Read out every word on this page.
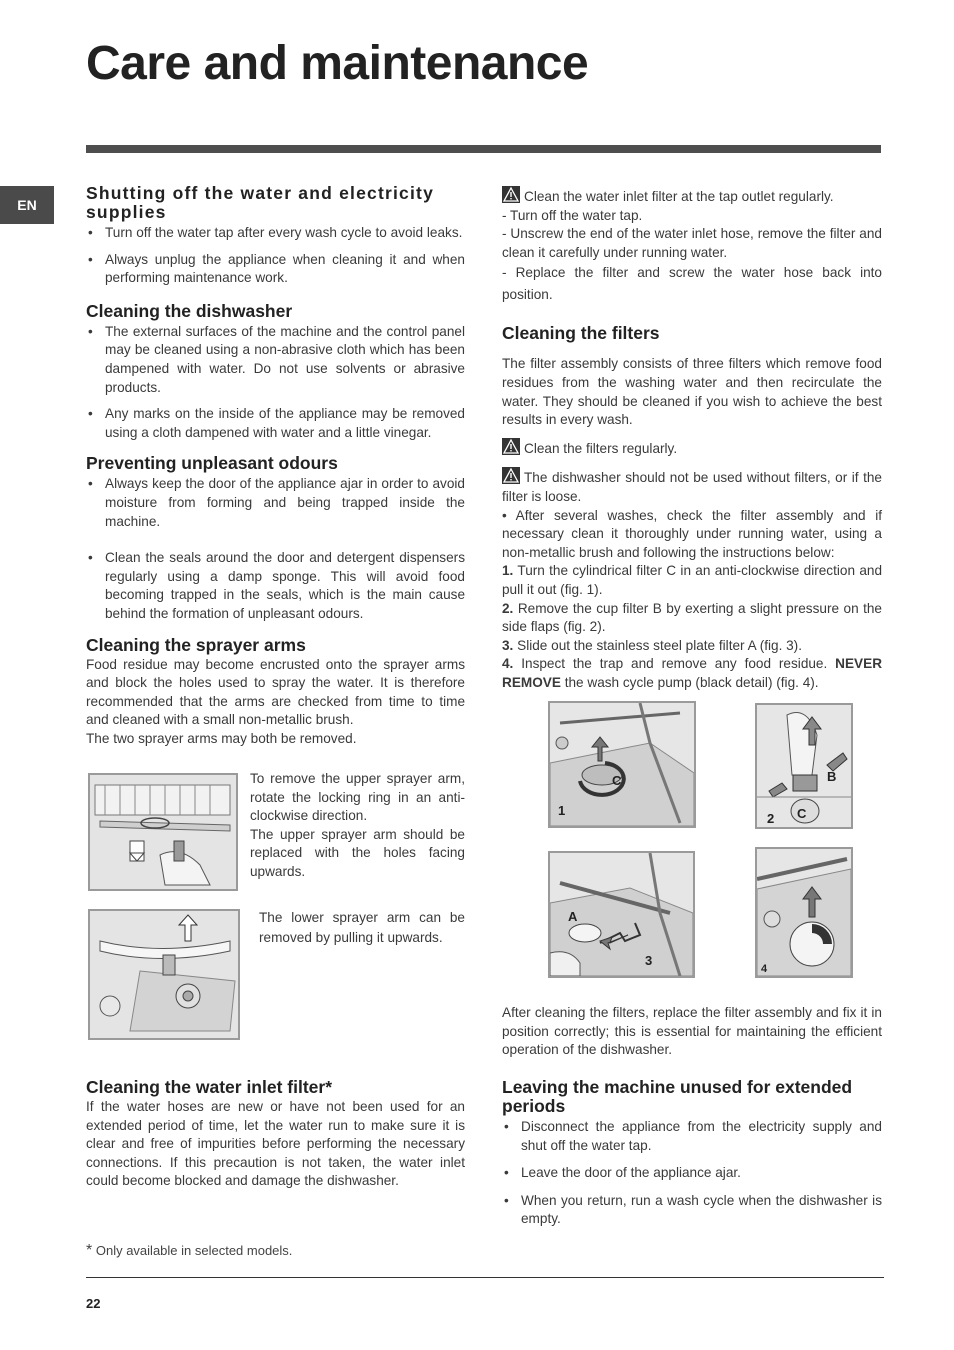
Care and maintenance
EN
Shutting off the water and electricity supplies
• Turn off the water tap after every wash cycle to avoid leaks.
• Always unplug the appliance when cleaning it and when performing maintenance work.
Cleaning the dishwasher
• The external surfaces of the machine and the control panel may be cleaned using a non-abrasive cloth which has been dampened with water. Do not use solvents or abrasive products.
• Any marks on the inside of the appliance may be removed using a cloth dampened with water and a little vinegar.
Preventing unpleasant odours
• Always keep the door of the appliance ajar in order to avoid moisture from forming and being trapped inside the machine.
• Clean the seals around the door and detergent dispensers regularly using a damp sponge. This will avoid food becoming trapped in the seals, which is the main cause behind the formation of unpleasant odours.
Cleaning the sprayer arms

Food residue may become encrusted onto the sprayer arms and block the holes used to spray the water. It is therefore recommended that the arms are checked from time to time and cleaned with a small non-metallic brush.

The two sprayer arms may both be removed.

To remove the upper sprayer arm, rotate the locking ring in an anti-clockwise direction.

The upper sprayer arm should be replaced with the holes facing upwards.

The lower sprayer arm can be removed by pulling it upwards.

Cleaning the water inlet filter*

If the water hoses are new or have not been used for an extended period of time, let the water run to make sure it is clear and free of impurities before performing the necessary connections. If this precaution is not taken, the water inlet could become blocked and damage the dishwasher.

Clean the water inlet filter at the tap outlet regularly.

- Turn off the water tap.

- Unscrew the end of the water inlet hose, remove the filter and clean it carefully under running water.

- Replace the filter and screw the water hose back into position.

Cleaning the filters

The filter assembly consists of three filters which remove food residues from the washing water and then recirculate the water. They should be cleaned if you wish to achieve the best results in every wash.

Clean the filters regularly.

The dishwasher should not be used without filters, or if the filter is loose.

• After several washes, check the filter assembly and if necessary clean it thoroughly under running water, using a non-metallic brush and following the instructions below:

1. Turn the cylindrical filter C in an anti-clockwise direction and pull it out (fig. 1).

2. Remove the cup filter B by exerting a slight pressure on the side flaps (fig. 2).

3. Slide out the stainless steel plate filter A (fig. 3).

4. Inspect the trap and remove any food residue. NEVER REMOVE the wash cycle pump (black detail) (fig. 4).

1
C	B
C
2
A
3
4

After cleaning the filters, replace the filter assembly and fix it in position correctly; this is essential for maintaining the efficient operation of the dishwasher.

Leaving the machine unused for extended periods
• Disconnect the appliance from the electricity supply and shut off the water tap.
• Leave the door of the appliance ajar.
• When you return, run a wash cycle when the dishwasher is empty.
* Only available in selected models.
22
